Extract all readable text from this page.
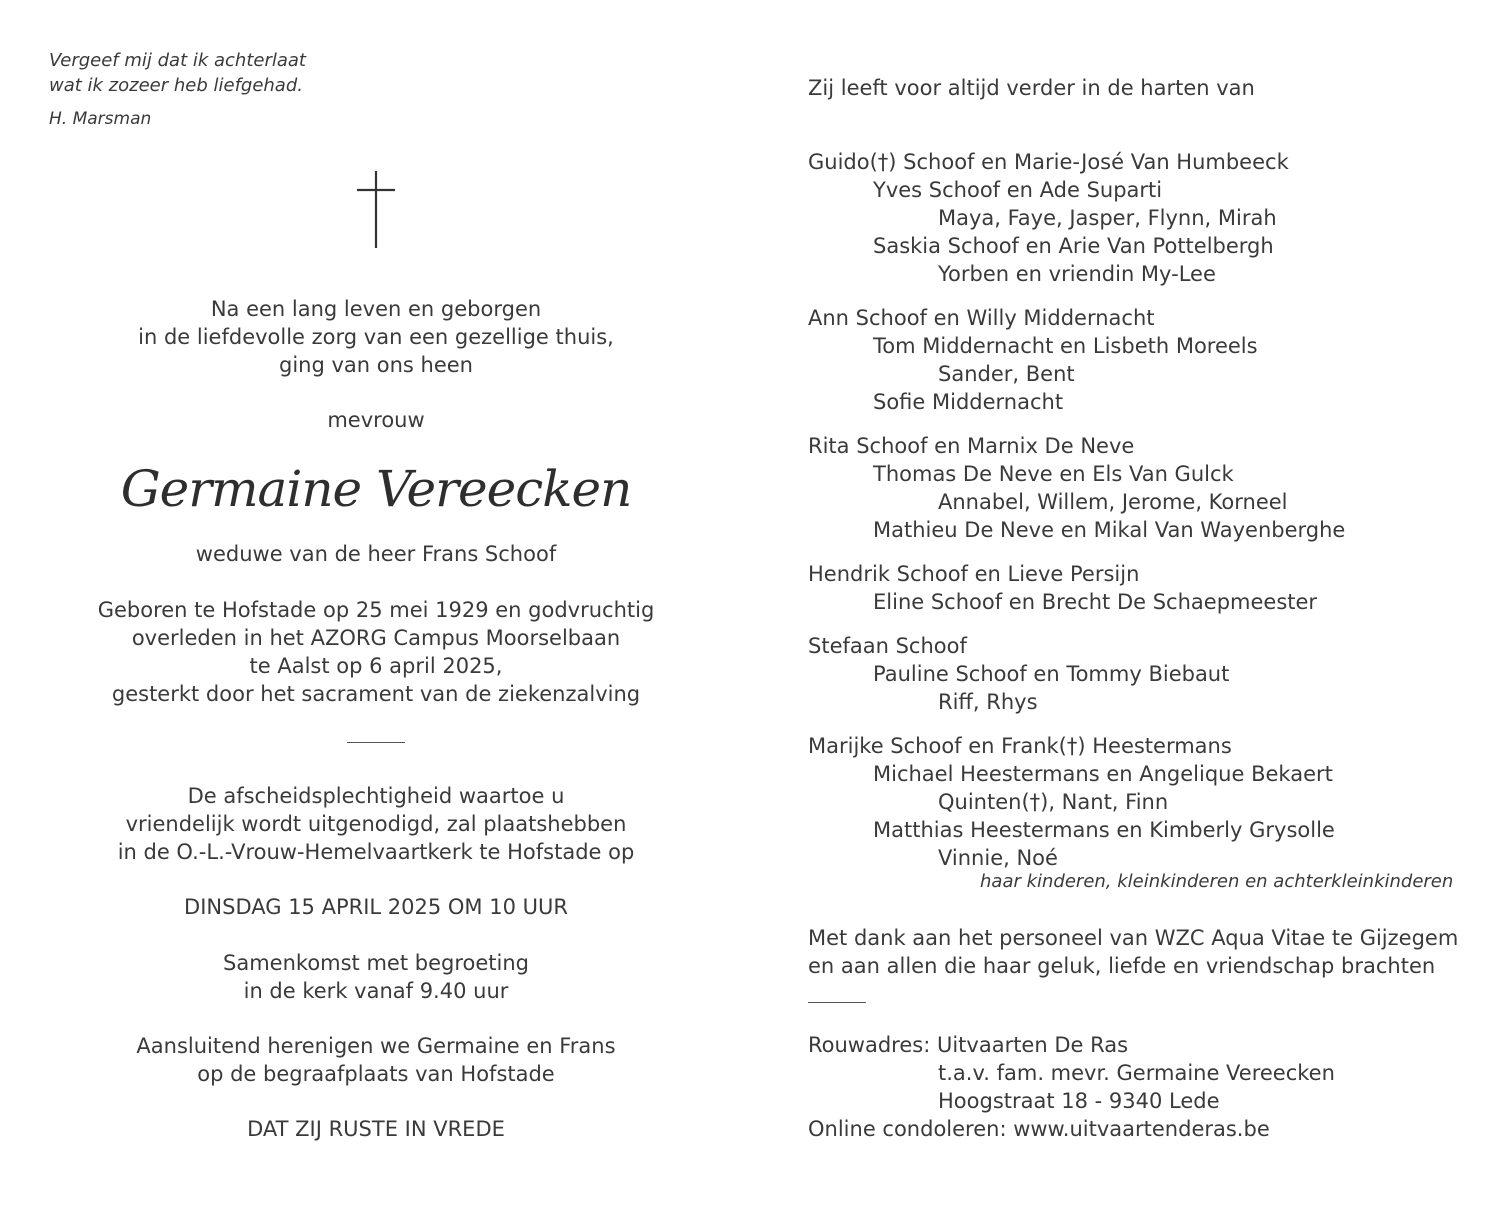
Vergeef mij dat ik achterlaat
wat ik zozeer heb liefgehad.
H. Marsman
Na een lang leven en geborgen
in de liefdevolle zorg van een gezellige thuis,
ging van ons heen
mevrouw
Germaine Vereecken
weduwe van de heer Frans Schoof
Geboren te Hofstade op 25 mei 1929 en godvruchtig
overleden in het AZORG Campus Moorselbaan
te Aalst op 6 april 2025,
gesterkt door het sacrament van de ziekenzalving
De afscheidsplechtigheid waartoe u
vriendelijk wordt uitgenodigd, zal plaatshebben
in de O.-L.-Vrouw-Hemelvaartkerk te Hofstade op
DINSDAG 15 APRIL 2025 OM 10 UUR
Samenkomst met begroeting
in de kerk vanaf 9.40 uur
Aansluitend herenigen we Germaine en Frans
op de begraafplaats van Hofstade
DAT ZIJ RUSTE IN VREDE
Zij leeft voor altijd verder in de harten van
Guido(†) Schoof en Marie-José Van Humbeeck
Yves Schoof en Ade Suparti
Maya, Faye, Jasper, Flynn, Mirah
Saskia Schoof en Arie Van Pottelbergh
Yorben en vriendin My-Lee
Ann Schoof en Willy Middernacht
Tom Middernacht en Lisbeth Moreels
Sander, Bent
Sofie Middernacht
Rita Schoof en Marnix De Neve
Thomas De Neve en Els Van Gulck
Annabel, Willem, Jerome, Korneel
Mathieu De Neve en Mikal Van Wayenberghe
Hendrik Schoof en Lieve Persijn
Eline Schoof en Brecht De Schaepmeester
Stefaan Schoof
Pauline Schoof en Tommy Biebaut
Riff, Rhys
Marijke Schoof en Frank(†) Heestermans
Michael Heestermans en Angelique Bekaert
Quinten(†), Nant, Finn
Matthias Heestermans en Kimberly Grysolle
Vinnie, Noé
haar kinderen, kleinkinderen en achterkleinkinderen
Met dank aan het personeel van WZC Aqua Vitae te Gijzegem
en aan allen die haar geluk, liefde en vriendschap brachten
Rouwadres: Uitvaarten De Ras
t.a.v. fam. mevr. Germaine Vereecken
Hoogstraat 18 - 9340 Lede
Online condoleren: www.uitvaartenderas.be
